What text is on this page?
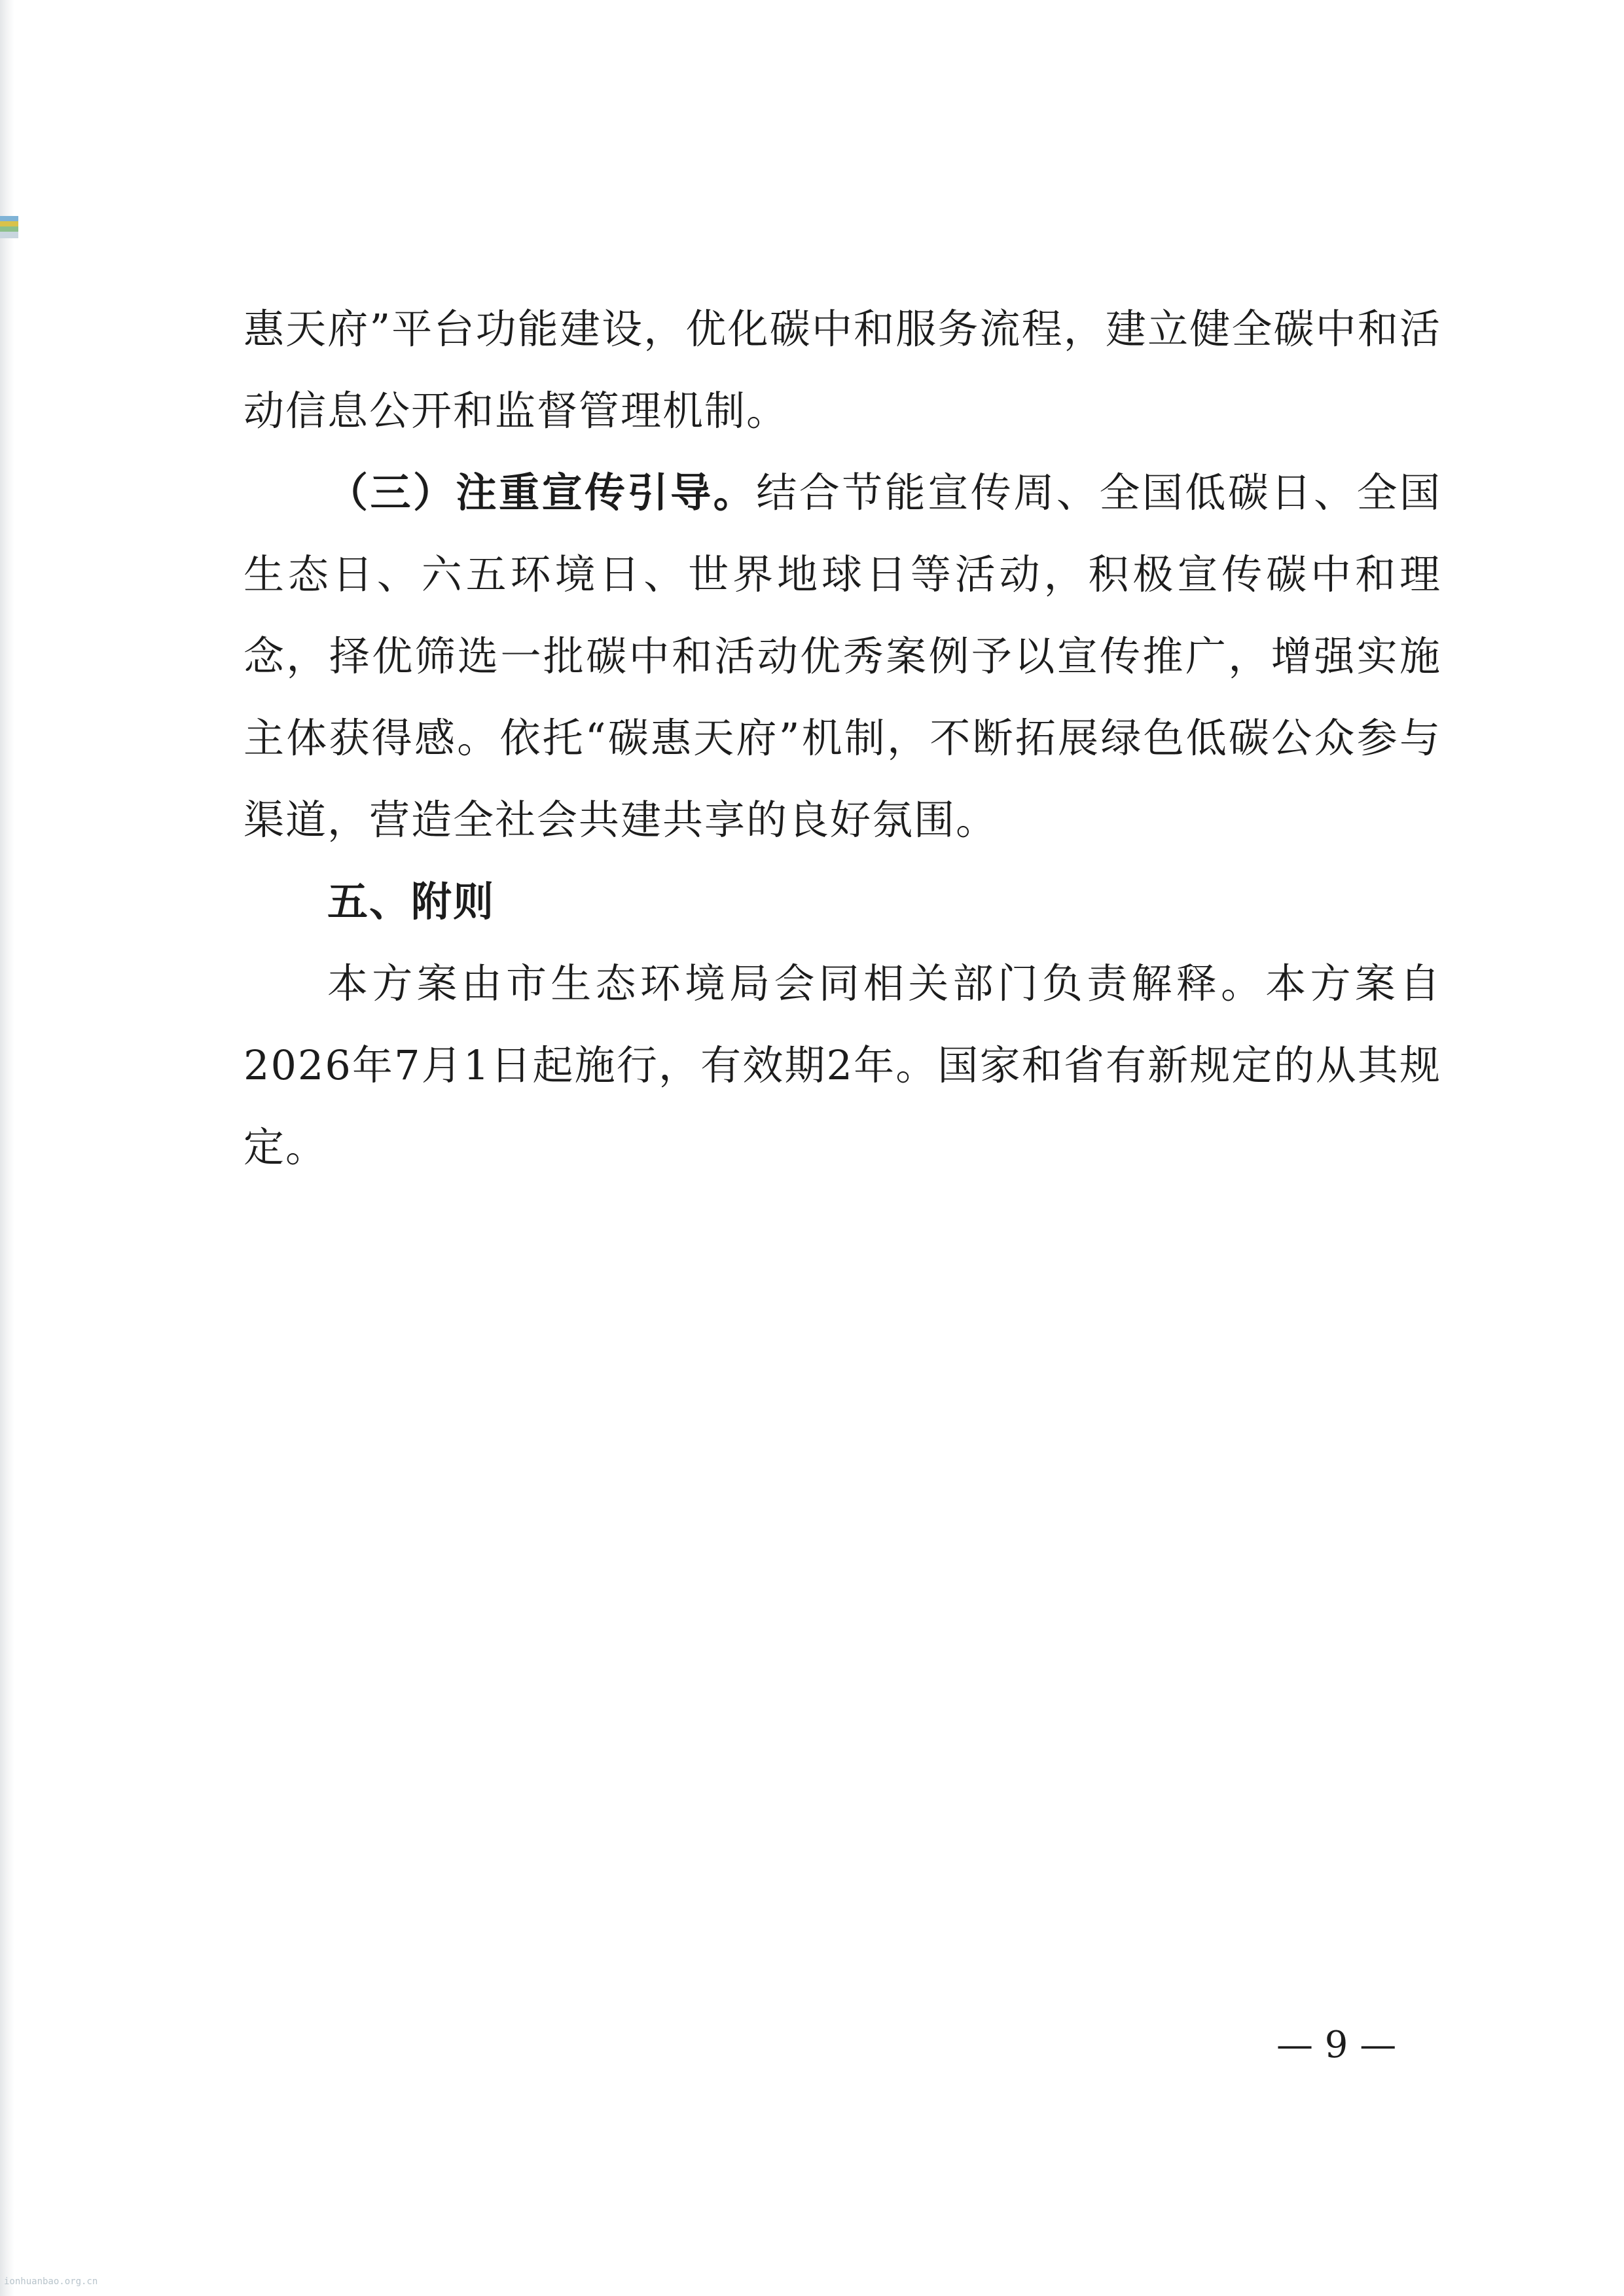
惠天府”平台功能建设，优化碳中和服务流程，建立健全碳中和活动信息公开和监督管理机制。

（三）注重宣传引导。结合节能宣传周、全国低碳日、全国生态日、六五环境日、世界地球日等活动，积极宣传碳中和理念，择优筛选一批碳中和活动优秀案例予以宣传推广，增强实施主体获得感。依托“碳惠天府”机制，不断拓展绿色低碳公众参与渠道，营造全社会共建共享的良好氛围。

五、附则

本方案由市生态环境局会同相关部门负责解释。本方案自2026年7月1日起施行，有效期2年。国家和省有新规定的从其规定。

— 9 —
ionhuanbao.org.cn
